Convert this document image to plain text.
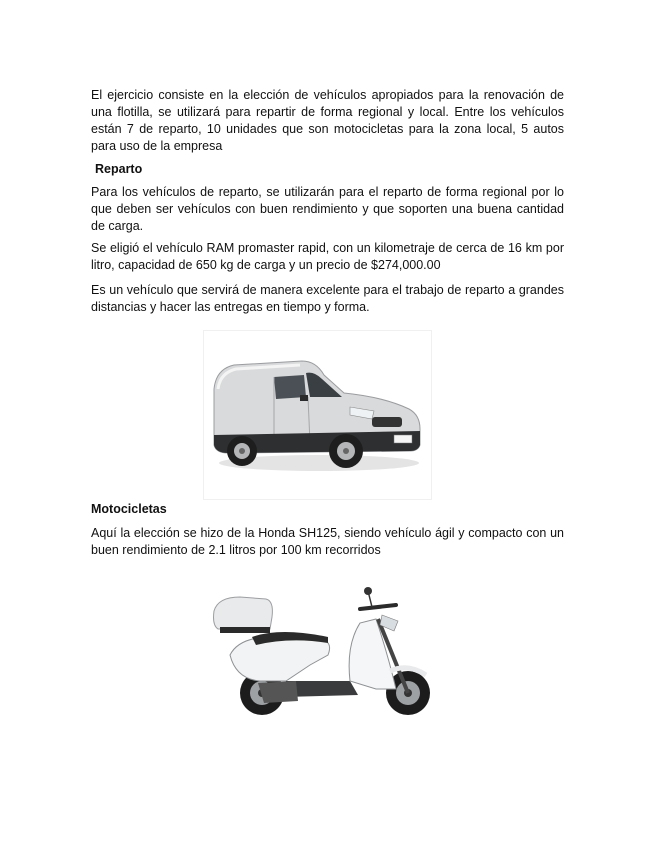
El ejercicio consiste en la elección de vehículos apropiados para la renovación de una flotilla, se utilizará para repartir de forma regional y local. Entre los vehículos están 7 de reparto, 10 unidades que son motocicletas para la zona local, 5 autos para uso de la empresa

Reparto

Para los vehículos de reparto, se utilizarán para el reparto de forma regional por lo que deben ser vehículos con buen rendimiento y que soporten una buena cantidad de carga.

Se eligió el vehículo RAM promaster rapid, con un kilometraje de cerca de 16 km por litro, capacidad de 650 kg de carga y un precio de $274,000.00

Es un vehículo que servirá de manera excelente para el trabajo de reparto a grandes distancias y hacer las entregas en tiempo y forma.

Motocicletas

Aquí la elección se hizo de la Honda SH125, siendo vehículo ágil y compacto con un buen rendimiento de 2.1 litros por 100 km recorridos
